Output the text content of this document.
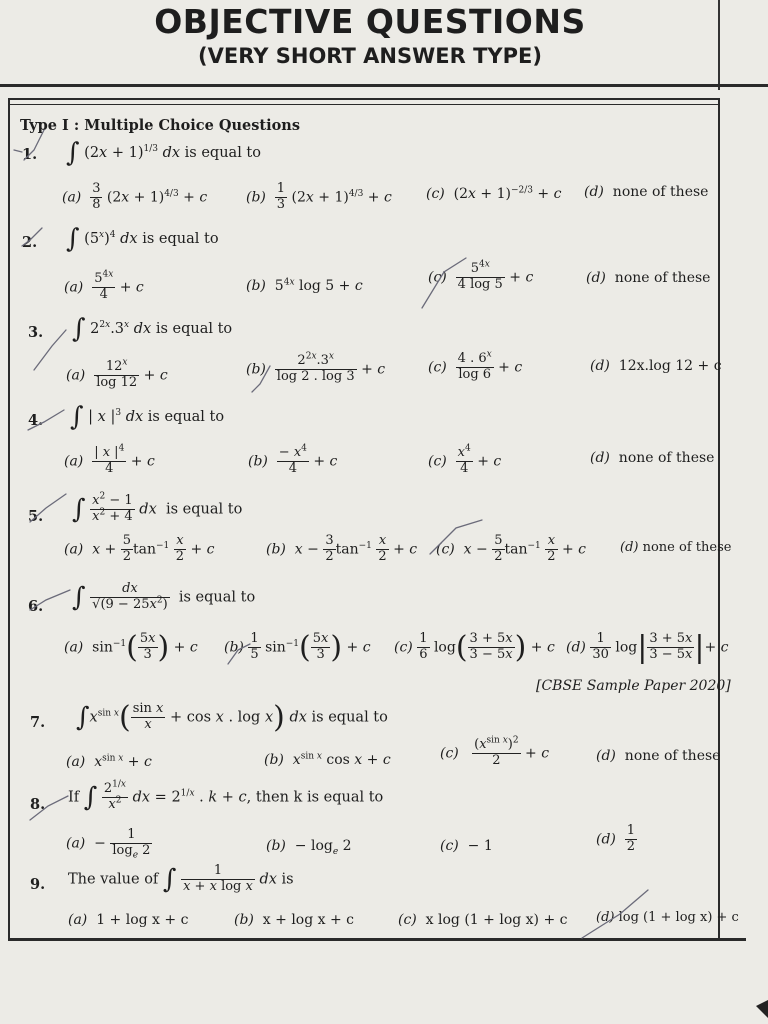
OBJECTIVE QUESTIONS
(VERY SHORT ANSWER TYPE)
Type I : Multiple Choice Questions
1. ∫ $(2x + 1)^{1/3}$ dx is equal to
$(a) \frac{3}{8} (2x + 1)^{4/3} + c$	$(b) \frac{1}{3} (2x + 1)^{4/3} + c$ (c)  $(2x + 1)^{-2/3} + c$ (d) none of these
2. ∫ $(5^x)^4$ dx is equal to
$(a) \frac{5^{4x}}{4} + c$	(b)  $5^{4x}$ log 5 + c
$(c) \frac{5^{4x}}{4 \log 5} + c$	(d) none of these
3. ∫ $2^{2x}.3^x$ dx is equal to
$(a) \frac{12^x}{\log 12} + c$	$(b) \frac{2^{2x}.3^x}{\log 2 . \log 3} + c$	$(c) \frac{4 . 6^x}{\log 6} + c$	(d) 12x.log 12 + c
4. ∫ | x $|^3$ dx is equal to
$(a) \frac{| x |^4}{4} + c$	$(b) \frac{- x^4}{4} + c$	$(c) \frac{x^4}{4} + c$	(d) none of these
5. ∫ $\frac{x^2 - 1}{x^2 + 4}$ dx is equal to
(a) $x + \frac{5}{2} \tan^{-1} \frac{x}{2} + c$	(b) $x - \frac{3}{2} \tan^{-1} \frac{x}{2} + c$ (c) $x - \frac{5}{2} \tan^{-1} \frac{x}{2} + c$	(d) none of these
6. ∫ $\frac{dx}{√(9 - 25x^2)}$ is equal to
(a)  $\sin^{-1}( \frac{5x}{3}$ ) + c $(b) \frac{1}{5} \sin^{-1}( \frac{5x}{3}$ ) + c $(c) \frac{1}{6} \log( \frac{3 + 5x}{3 - 5x}$ ) + c $(d) \frac{1}{30} \log| \frac{3 + 5x}{3 - 5x}$ |+ c
[CBSE Sample Paper 2020]
7. $\int x^{sin x}( \frac{\text{sin x}}{x} + \cos x$ . log x) dx is equal to
(a) $x^{sin x} + c$	(b) $x^{sin x}$ cos x + c	$(c) \frac{(x^{sin x})^2}{2} + c$	(d) none of these
8. If ∫ $\frac{2^{1/x}}{x^2}$ dx = $2^{1/x}$ . k + c, then k is equal to
$(a) - \frac{1}{\log_e 2}$	$(b) - \log_e 2$	(c) − 1	$(d) \frac{1}{2}$
9. The value of ∫ $\frac{1}{\text{x + x log x}}$ dx is
(a) 1 + log x + c	(b) x + log x + c	(c) x log (1 + log x) + c (d) log (1 + log x) + c
